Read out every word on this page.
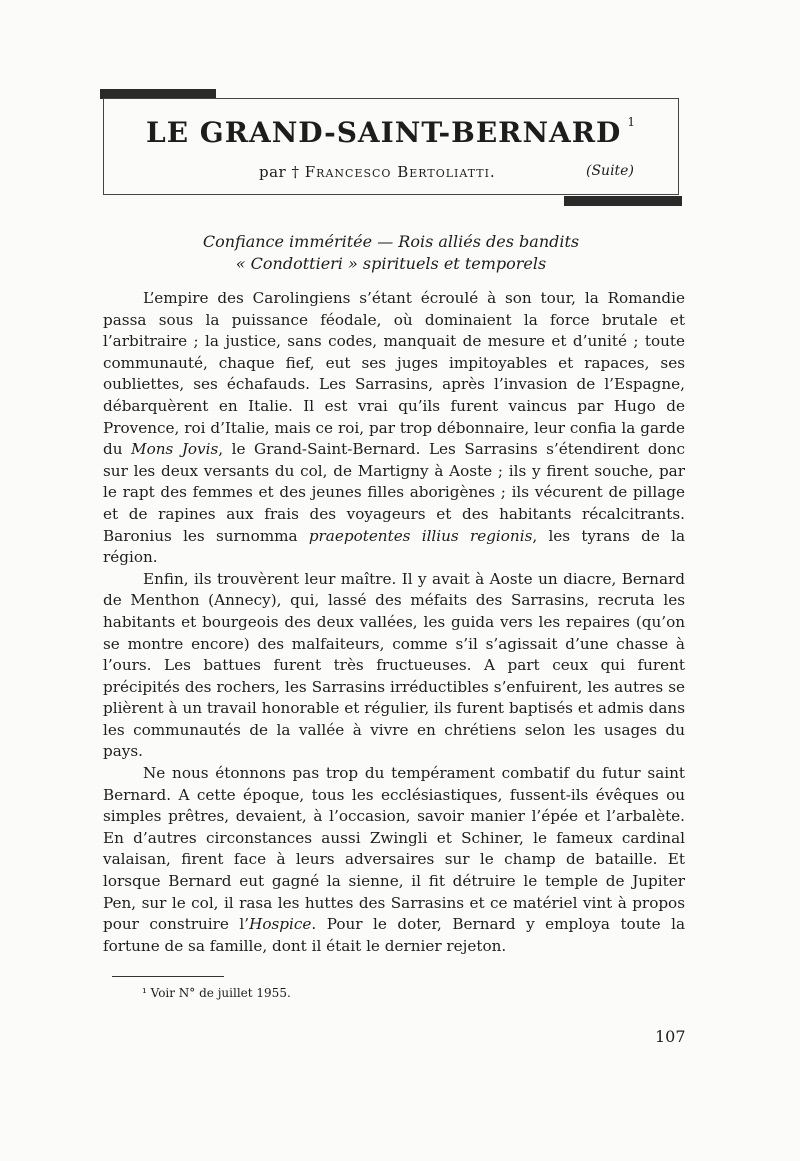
LE GRAND-SAINT-BERNARD $^1$
par † Francesco Bertoliatti.	(Suite)
Confiance imméritée — Rois alliés des bandits
« Condottieri » spirituels et temporels

L’empire des Carolingiens s’étant écroulé à son tour, la Romandie passa sous la puissance féodale, où dominaient la force brutale et l’arbitraire ; la justice, sans codes, manquait de mesure et d’unité ; toute communauté, chaque fief, eut ses juges impitoyables et rapaces, ses oubliettes, ses échafauds. Les Sarrasins, après l’invasion de l’Espagne, débarquèrent en Italie. Il est vrai qu’ils furent vaincus par Hugo de Provence, roi d’Italie, mais ce roi, par trop débonnaire, leur confia la garde du Mons Jovis, le Grand-Saint-Bernard. Les Sarrasins s’étendirent donc sur les deux versants du col, de Martigny à Aoste ; ils y firent souche, par le rapt des femmes et des jeunes filles aborigènes ; ils vécurent de pillage et de rapines aux frais des voyageurs et des habitants récalcitrants. Baronius les surnomma praepotentes illius regionis, les tyrans de la région.

Enfin, ils trouvèrent leur maître. Il y avait à Aoste un diacre, Bernard de Menthon (Annecy), qui, lassé des méfaits des Sarrasins, recruta les habitants et bourgeois des deux vallées, les guida vers les repaires (qu’on se montre encore) des malfaiteurs, comme s’il s’agissait d’une chasse à l’ours. Les battues furent très fructueuses. A part ceux qui furent précipités des rochers, les Sarrasins irréductibles s’enfuirent, les autres se plièrent à un travail honorable et régulier, ils furent baptisés et admis dans les communautés de la vallée à vivre en chrétiens selon les usages du pays.

Ne nous étonnons pas trop du tempérament combatif du futur saint Bernard. A cette époque, tous les ecclésiastiques, fussent-ils évêques ou simples prêtres, devaient, à l’occasion, savoir manier l’épée et l’arbalète. En d’autres circonstances aussi Zwingli et Schiner, le fameux cardinal valaisan, firent face à leurs adversaires sur le champ de bataille. Et lorsque Bernard eut gagné la sienne, il fit détruire le temple de Jupiter Pen, sur le col, il rasa les huttes des Sarrasins et ce matériel vint à propos pour construire l’Hospice. Pour le doter, Bernard y employa toute la fortune de sa famille, dont il était le dernier rejeton.

¹ Voir N° de juillet 1955.
107
